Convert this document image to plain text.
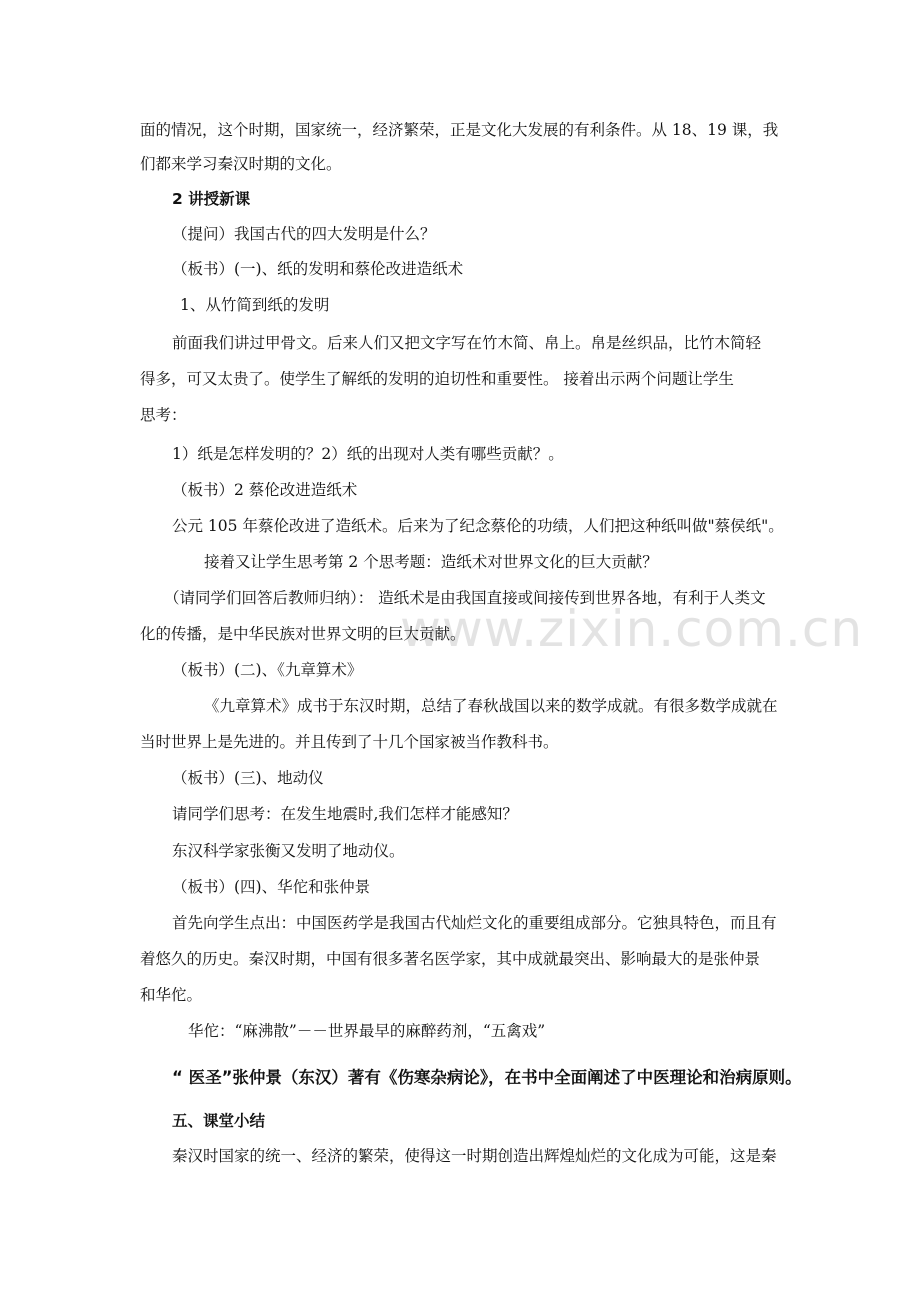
www.zixin.com.cn
面的情况，这个时期，国家统一，经济繁荣，正是文化大发展的有利条件。从 18、19 课，我
们都来学习秦汉时期的文化。
2 讲授新课
（提问）我国古代的四大发明是什么？
（板书）(一)、纸的发明和蔡伦改进造纸术
1、从竹简到纸的发明
前面我们讲过甲骨文。后来人们又把文字写在竹木简、帛上。帛是丝织品，比竹木简轻
得多，可又太贵了。使学生了解纸的发明的迫切性和重要性。 接着出示两个问题让学生
思考：
1）纸是怎样发明的？2）纸的出现对人类有哪些贡献？。
（板书）2 蔡伦改进造纸术
公元 105 年蔡伦改进了造纸术。后来为了纪念蔡伦的功绩，人们把这种纸叫做"蔡侯纸"。
接着又让学生思考第 2 个思考题：造纸术对世界文化的巨大贡献？
（请同学们回答后教师归纳）： 造纸术是由我国直接或间接传到世界各地，有利于人类文
化的传播，是中华民族对世界文明的巨大贡献。
（板书）(二)、《九章算术》
《九章算术》成书于东汉时期，总结了春秋战国以来的数学成就。有很多数学成就在
当时世界上是先进的。并且传到了十几个国家被当作教科书。
（板书）(三)、地动仪
请同学们思考：在发生地震时,我们怎样才能感知？
东汉科学家张衡又发明了地动仪。
（板书）(四)、华佗和张仲景
首先向学生点出：中国医药学是我国古代灿烂文化的重要组成部分。它独具特色，而且有
着悠久的历史。秦汉时期，中国有很多著名医学家，其中成就最突出、影响最大的是张仲景
和华佗。
华佗：“麻沸散”－－世界最早的麻醉药剂，“五禽戏”
“ 医圣”张仲景（东汉）著有《伤寒杂病论》，在书中全面阐述了中医理论和治病原则。
五、课堂小结
秦汉时国家的统一、经济的繁荣，使得这一时期创造出辉煌灿烂的文化成为可能，这是秦
